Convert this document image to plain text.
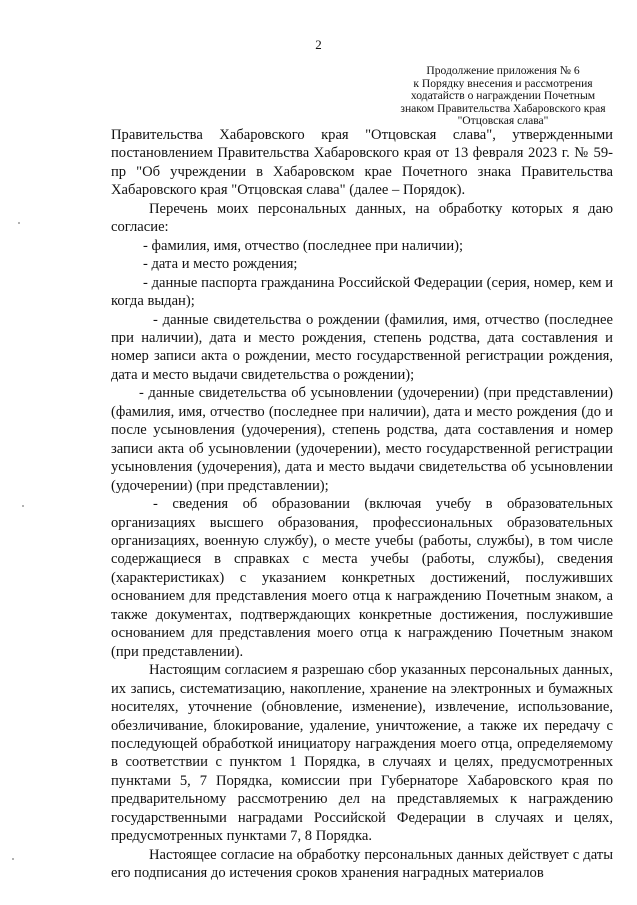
2
Продолжение приложения № 6
к Порядку внесения и рассмотрения
ходатайств о награждении Почетным
знаком Правительства Хабаровского края
"Отцовская слава"

Правительства Хабаровского края "Отцовская слава", утвержденными постановлением Правительства Хабаровского края от 13 февраля 2023 г. № 59-пр "Об учреждении в Хабаровском крае Почетного знака Правительства Хабаровского края "Отцовская слава" (далее – Порядок).

Перечень моих персональных данных, на обработку которых я даю согласие:

- фамилия, имя, отчество (последнее при наличии);

- дата и место рождения;

- данные паспорта гражданина Российской Федерации (серия, номер, кем и когда выдан);

- данные свидетельства о рождении (фамилия, имя, отчество (последнее при наличии), дата и место рождения, степень родства, дата составления и номер записи акта о рождении, место государственной регистрации рождения, дата и место выдачи свидетельства о рождении);

- данные свидетельства об усыновлении (удочерении) (при представлении) (фамилия, имя, отчество (последнее при наличии), дата и место рождения (до и после усыновления (удочерения), степень родства, дата составления и номер записи акта об усыновлении (удочерении), место государственной регистрации усыновления (удочерения), дата и место выдачи свидетельства об усыновлении (удочерении) (при представлении);

- сведения об образовании (включая учебу в образовательных организациях высшего образования, профессиональных образовательных организациях, военную службу), о месте учебы (работы, службы), в том числе содержащиеся в справках с места учебы (работы, службы), сведения (характеристиках) с указанием конкретных достижений, послуживших основанием для представления моего отца к награждению Почетным знаком, а также документах, подтверждающих конкретные достижения, послужившие основанием для представления моего отца к награждению Почетным знаком (при представлении).

Настоящим согласием я разрешаю сбор указанных персональных данных, их запись, систематизацию, накопление, хранение на электронных и бумажных носителях, уточнение (обновление, изменение), извлечение, использование, обезличивание, блокирование, удаление, уничтожение, а также их передачу с последующей обработкой инициатору награждения моего отца, определяемому в соответствии с пунктом 1 Порядка, в случаях и целях, предусмотренных пунктами 5, 7 Порядка, комиссии при Губернаторе Хабаровского края по предварительному рассмотрению дел на представляемых к награждению государственными наградами Российской Федерации в случаях и целях, предусмотренных пунктами 7, 8 Порядка.

Настоящее согласие на обработку персональных данных действует с даты его подписания до истечения сроков хранения наградных материалов
